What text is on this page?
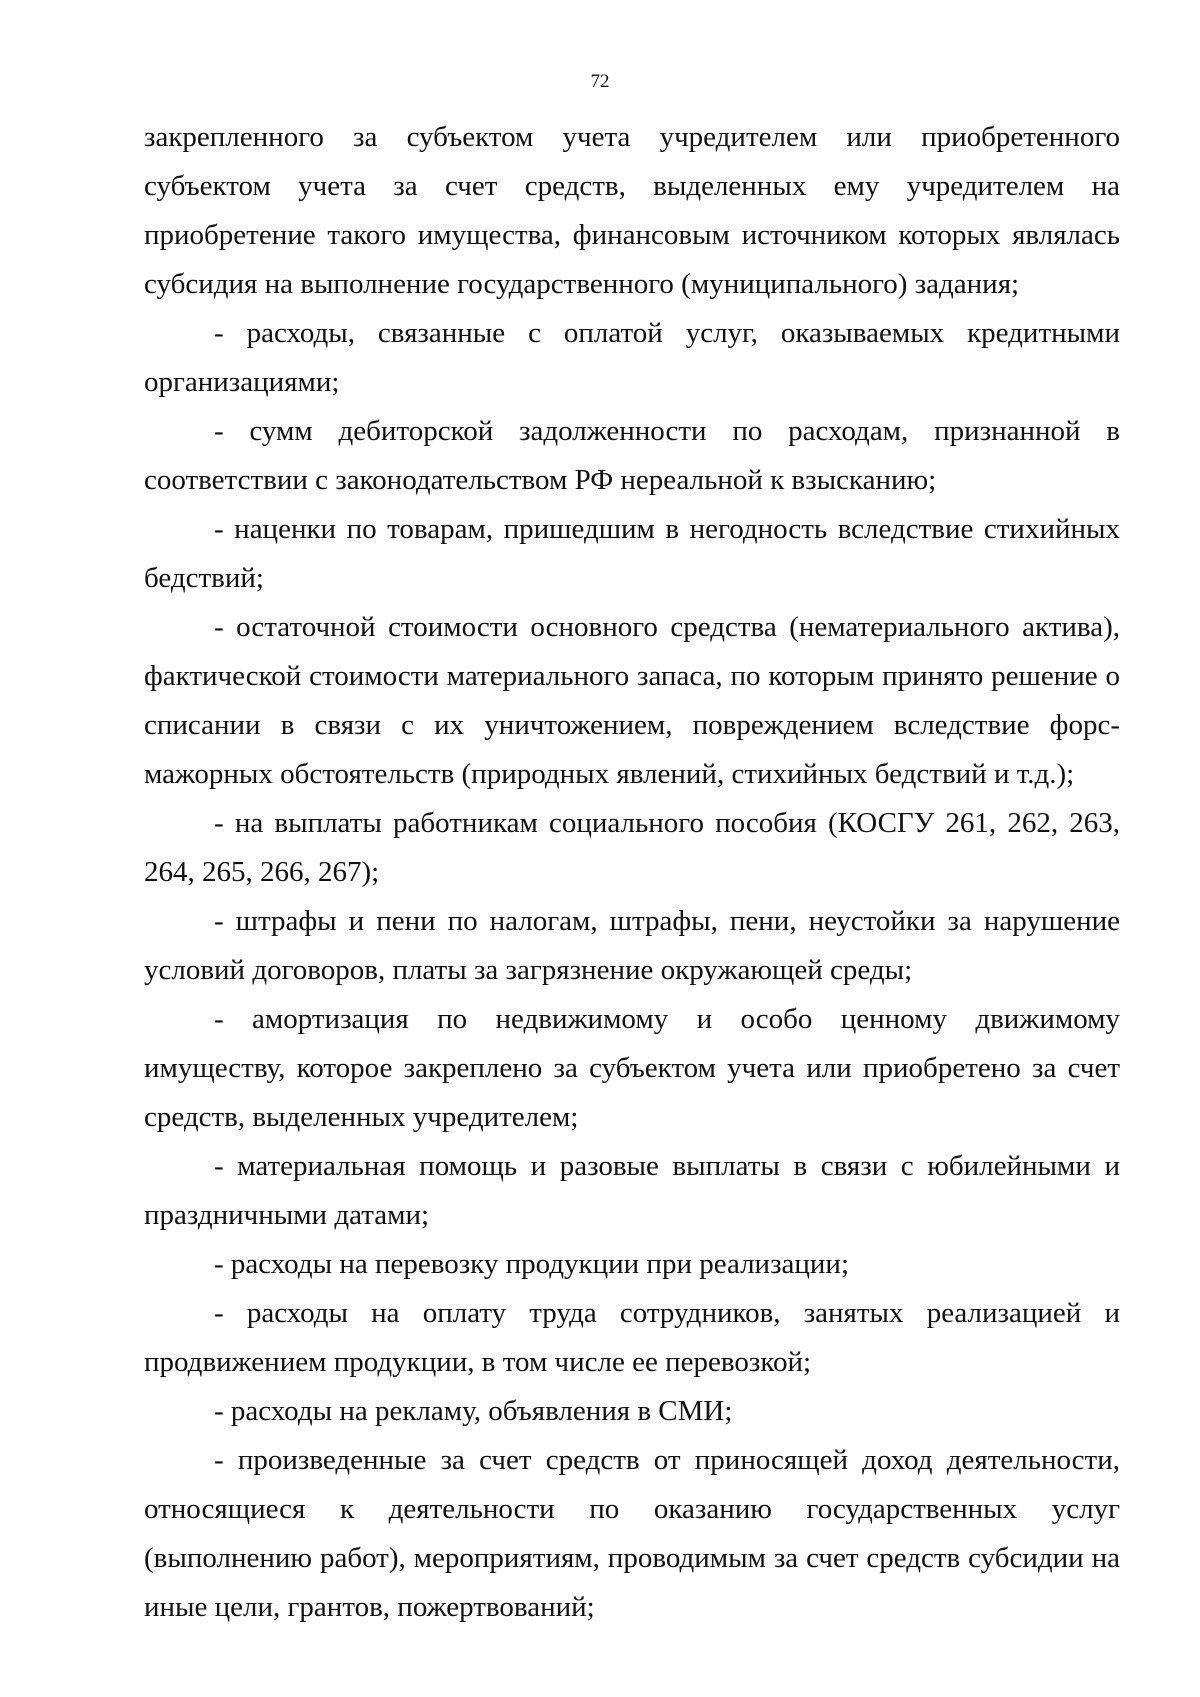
72

закрепленного за субъектом учета учредителем или приобретенного субъектом учета за счет средств, выделенных ему учредителем на приобретение такого имущества, финансовым источником которых являлась субсидия на выполнение государственного (муниципального) задания;

- расходы, связанные с оплатой услуг, оказываемых кредитными организациями;

- сумм дебиторской задолженности по расходам, признанной в соответствии с законодательством РФ нереальной к взысканию;

- наценки по товарам, пришедшим в негодность вследствие стихийных бедствий;

- остаточной стоимости основного средства (нематериального актива), фактической стоимости материального запаса, по которым принято решение о списании в связи с их уничтожением, повреждением вследствие форс-мажорных обстоятельств (природных явлений, стихийных бедствий и т.д.);

- на выплаты работникам социального пособия (КОСГУ 261, 262, 263, 264, 265, 266, 267);

- штрафы и пени по налогам, штрафы, пени, неустойки за нарушение условий договоров, платы за загрязнение окружающей среды;

- амортизация по недвижимому и особо ценному движимому имуществу, которое закреплено за субъектом учета или приобретено за счет средств, выделенных учредителем;

- материальная помощь и разовые выплаты в связи с юбилейными и праздничными датами;

- расходы на перевозку продукции при реализации;

- расходы на оплату труда сотрудников, занятых реализацией и продвижением продукции, в том числе ее перевозкой;

- расходы на рекламу, объявления в СМИ;

- произведенные за счет средств от приносящей доход деятельности, относящиеся к деятельности по оказанию государственных услуг (выполнению работ), мероприятиям, проводимым за счет средств субсидии на иные цели, грантов, пожертвований;
